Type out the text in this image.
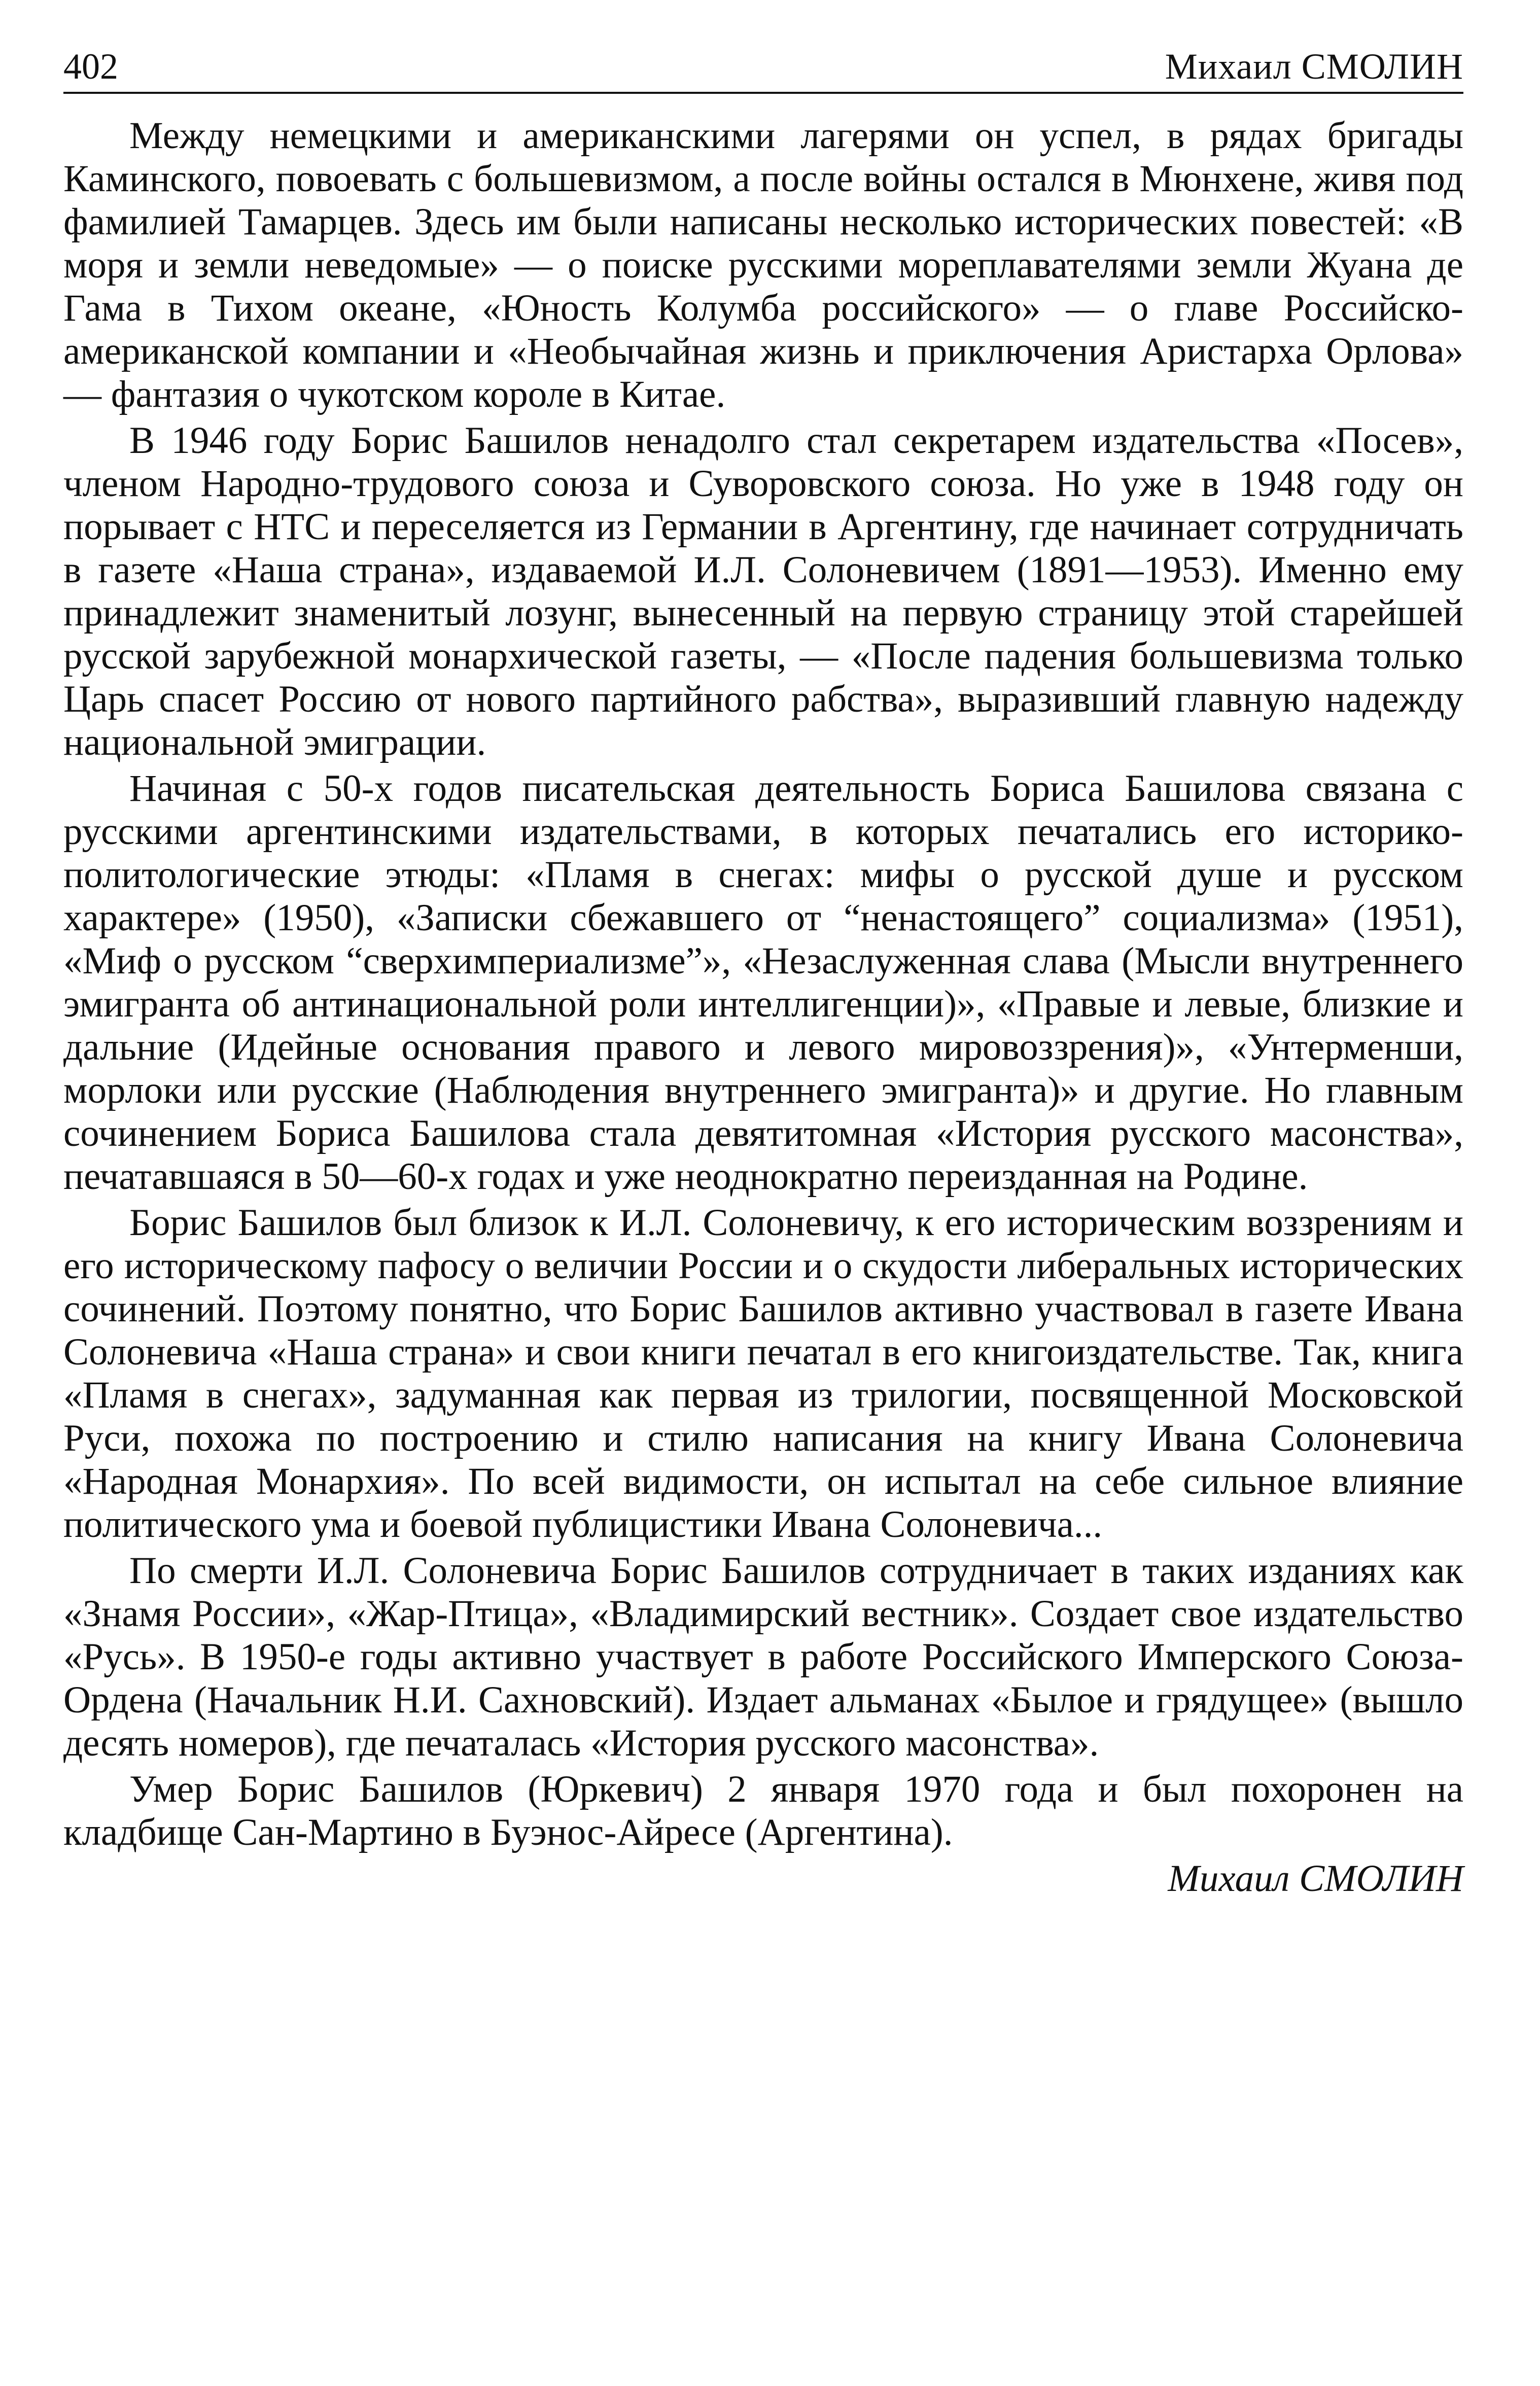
402	Михаил СМОЛИН

Между немецкими и американскими лагерями он успел, в рядах бригады Каминского, повоевать с большевизмом, а после войны остался в Мюнхене, живя под фамилией Тамарцев. Здесь им были написаны несколько исторических повестей: «В моря и земли неведомые» — о поиске русскими мореплавателями земли Жуана де Гама в Тихом океане, «Юность Колумба российского» — о главе Российско-американской компании и «Необычайная жизнь и приключения Аристарха Орлова» — фантазия о чукотском короле в Китае.

В 1946 году Борис Башилов ненадолго стал секретарем издательства «Посев», членом Народно-трудового союза и Суворовского союза. Но уже в 1948 году он порывает с НТС и переселяется из Германии в Аргентину, где начинает сотрудничать в газете «Наша страна», издаваемой И.Л. Солоневичем (1891—1953). Именно ему принадлежит знаменитый лозунг, вынесенный на первую страницу этой старейшей русской зарубежной монархической газеты, — «После падения большевизма только Царь спасет Россию от нового партийного рабства», выразивший главную надежду национальной эмиграции.

Начиная с 50-х годов писательская деятельность Бориса Башилова связана с русскими аргентинскими издательствами, в которых печатались его историко-политологические этюды: «Пламя в снегах: мифы о русской душе и русском характере» (1950), «Записки сбежавшего от “ненастоящего” социализма» (1951), «Миф о русском “сверхимпериализме”», «Незаслуженная слава (Мысли внутреннего эмигранта об антинациональной роли интеллигенции)», «Правые и левые, близкие и дальние (Идейные основания правого и левого мировоззрения)», «Унтерменши, морлоки или русские (Наблюдения внутреннего эмигранта)» и другие. Но главным сочинением Бориса Башилова стала девятитомная «История русского масонства», печатавшаяся в 50—60-х годах и уже неоднократно переизданная на Родине.

Борис Башилов был близок к И.Л. Солоневичу, к его историческим воззрениям и его историческому пафосу о величии России и о скудости либеральных исторических сочинений. Поэтому понятно, что Борис Башилов активно участвовал в газете Ивана Солоневича «Наша страна» и свои книги печатал в его книгоиздательстве. Так, книга «Пламя в снегах», задуманная как первая из трилогии, посвященной Московской Руси, похожа по построению и стилю написания на книгу Ивана Солоневича «Народная Монархия». По всей видимости, он испытал на себе сильное влияние политического ума и боевой публицистики Ивана Солоневича...

По смерти И.Л. Солоневича Борис Башилов сотрудничает в таких изданиях как «Знамя России», «Жар-Птица», «Владимирский вестник». Создает свое издательство «Русь». В 1950-е годы активно участвует в работе Российского Имперского Союза-Ордена (Начальник Н.И. Сахновский). Издает альманах «Былое и грядущее» (вышло десять номеров), где печаталась «История русского масонства».

Умер Борис Башилов (Юркевич) 2 января 1970 года и был похоронен на кладбище Сан-Мартино в Буэнос-Айресе (Аргентина).

Михаил СМОЛИН
